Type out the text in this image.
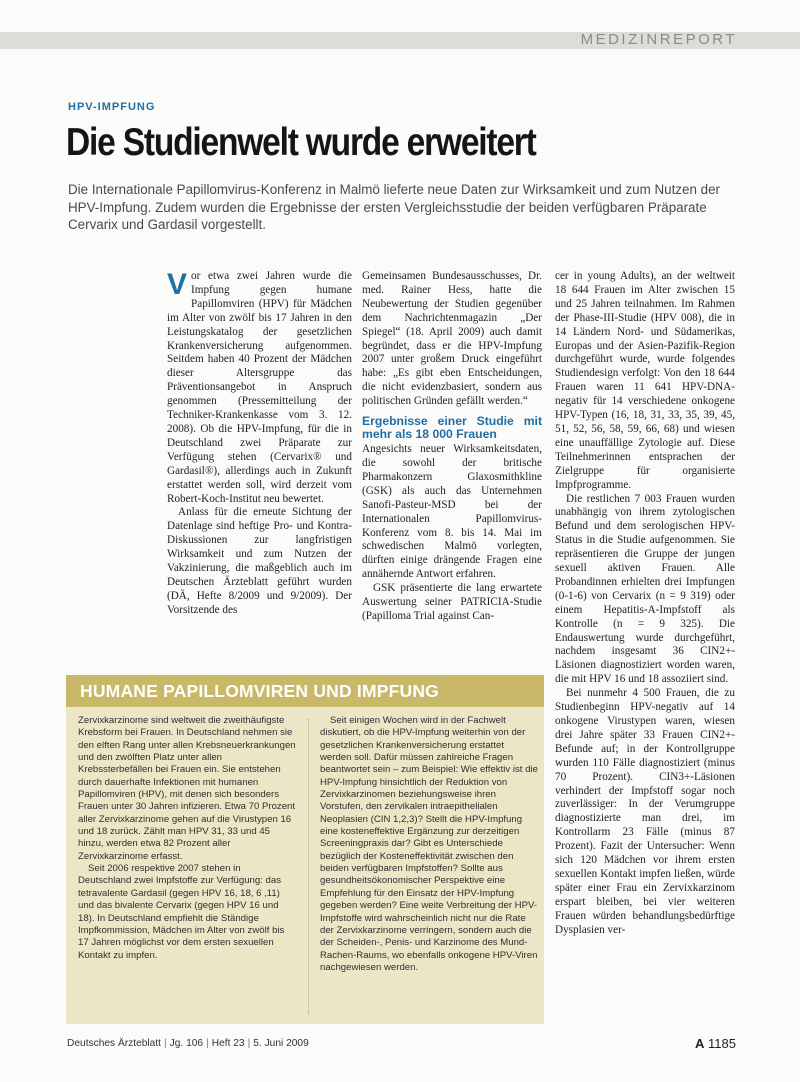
MEDIZINREPORT
HPV-IMPFUNG
Die Studienwelt wurde erweitert
Die Internationale Papillomvirus-Konferenz in Malmö lieferte neue Daten zur Wirksamkeit und zum Nutzen der HPV-Impfung. Zudem wurden die Ergebnisse der ersten Vergleichsstudie der beiden verfügbaren Präparate Cervarix und Gardasil vorgestellt.

Vor etwa zwei Jahren wurde die Impfung gegen humane Papillomviren (HPV) für Mädchen im Alter von zwölf bis 17 Jahren in den Leistungskatalog der gesetzlichen Krankenversicherung aufgenommen. Seitdem haben 40 Prozent der Mädchen dieser Altersgruppe das Präventionsangebot in Anspruch genommen (Pressemitteilung der Techniker-Krankenkasse vom 3. 12. 2008). Ob die HPV-Impfung, für die in Deutschland zwei Präparate zur Verfügung stehen (Cervarix® und Gardasil®), allerdings auch in Zukunft erstattet werden soll, wird derzeit vom Robert-Koch-Institut neu bewertet.

Anlass für die erneute Sichtung der Datenlage sind heftige Pro- und Kontra-Diskussionen zur langfristigen Wirksamkeit und zum Nutzen der Vakzinierung, die maßgeblich auch im Deutschen Ärzteblatt geführt wurden (DÄ, Hefte 8/2009 und 9/2009). Der Vorsitzende des

Gemeinsamen Bundesausschusses, Dr. med. Rainer Hess, hatte die Neubewertung der Studien gegenüber dem Nachrichtenmagazin „Der Spiegel“ (18. April 2009) auch damit begründet, dass er die HPV-Impfung 2007 unter großem Druck eingeführt habe: „Es gibt eben Entscheidungen, die nicht evidenzbasiert, sondern aus politischen Gründen gefällt werden.“

Ergebnisse einer Studie mit mehr als 18 000 Frauen

Angesichts neuer Wirksamkeitsdaten, die sowohl der britische Pharmakonzern Glaxosmithkline (GSK) als auch das Unternehmen Sanofi-Pasteur-MSD bei der Internationalen Papillomvirus-Konferenz vom 8. bis 14. Mai im schwedischen Malmö vorlegten, dürften einige drängende Fragen eine annähernde Antwort erfahren.

GSK präsentierte die lang erwartete Auswertung seiner PATRICIA-Studie (Papilloma Trial against Can-

cer in young Adults), an der weltweit 18 644 Frauen im Alter zwischen 15 und 25 Jahren teilnahmen. Im Rahmen der Phase-III-Studie (HPV 008), die in 14 Ländern Nord- und Südamerikas, Europas und der Asien-Pazifik-Region durchgeführt wurde, wurde folgendes Studiendesign verfolgt: Von den 18 644 Frauen waren 11 641 HPV-DNA-negativ für 14 verschiedene onkogene HPV-Typen (16, 18, 31, 33, 35, 39, 45, 51, 52, 56, 58, 59, 66, 68) und wiesen eine unauffällige Zytologie auf. Diese Teilnehmerinnen entsprachen der Zielgruppe für organisierte Impfprogramme.

Die restlichen 7 003 Frauen wurden unabhängig von ihrem zytologischen Befund und dem serologischen HPV-Status in die Studie aufgenommen. Sie repräsentieren die Gruppe der jungen sexuell aktiven Frauen. Alle Probandinnen erhielten drei Impfungen (0-1-6) von Cervarix (n = 9 319) oder einem Hepatitis-A-Impfstoff als Kontrolle (n = 9 325). Die Endauswertung wurde durchgeführt, nachdem insgesamt 36 CIN2+-Läsionen diagnostiziert worden waren, die mit HPV 16 und 18 assoziiert sind.

Bei nunmehr 4 500 Frauen, die zu Studienbeginn HPV-negativ auf 14 onkogene Virustypen waren, wiesen drei Jahre später 33 Frauen CIN2+-Befunde auf; in der Kontrollgruppe wurden 110 Fälle diagnostiziert (minus 70 Prozent). CIN3+-Läsionen verhindert der Impfstoff sogar noch zuverlässiger: In der Verumgruppe diagnostizierte man drei, im Kontrollarm 23 Fälle (minus 87 Prozent). Fazit der Untersucher: Wenn sich 120 Mädchen vor ihrem ersten sexuellen Kontakt impfen ließen, würde später einer Frau ein Zervixkarzinom erspart bleiben, bei vier weiteren Frauen würden behandlungsbedürftige Dysplasien ver-

HUMANE PAPILLOMVIREN UND IMPFUNG

Zervixkarzinome sind weltweit die zweithäufigste Krebsform bei Frauen. In Deutschland nehmen sie den elften Rang unter allen Krebsneuerkrankungen und den zwölften Platz unter allen Krebssterbefällen bei Frauen ein. Sie entstehen durch dauerhafte Infektionen mit humanen Papillomviren (HPV), mit denen sich besonders Frauen unter 30 Jahren infizieren. Etwa 70 Prozent aller Zervixkarzinome gehen auf die Virustypen 16 und 18 zurück. Zählt man HPV 31, 33 und 45 hinzu, werden etwa 82 Prozent aller Zervixkarzinome erfasst.

Seit 2006 respektive 2007 stehen in Deutschland zwei Impfstoffe zur Verfügung: das tetravalente Gardasil (gegen HPV 16, 18, 6 ,11) und das bivalente Cervarix (gegen HPV 16 und 18). In Deutschland empfiehlt die Ständige Impfkommission, Mädchen im Alter von zwölf bis 17 Jahren möglichst vor dem ersten sexuellen Kontakt zu impfen.

Seit einigen Wochen wird in der Fachwelt diskutiert, ob die HPV-Impfung weiterhin von der gesetzlichen Krankenversicherung erstattet werden soll. Dafür müssen zahlreiche Fragen beantwortet sein – zum Beispiel: Wie effektiv ist die HPV-Impfung hinsichtlich der Reduktion von Zervixkarzinomen beziehungsweise ihren Vorstufen, den zervikalen intraepithelialen Neoplasien (CIN 1,2,3)? Stellt die HPV-Impfung eine kosteneffektive Ergänzung zur derzeitigen Screeningpraxis dar? Gibt es Unterschiede bezüglich der Kosteneffektivität zwischen den beiden verfügbaren Impfstoffen? Sollte aus gesundheitsökonomischer Perspektive eine Empfehlung für den Einsatz der HPV-Impfung gegeben werden? Eine weite Verbreitung der HPV-Impfstoffe wird wahrscheinlich nicht nur die Rate der Zervixkarzinome verringern, sondern auch die der Scheiden-, Penis- und Karzinome des Mund-Rachen-Raums, wo ebenfalls onkogene HPV-Viren nachgewiesen werden.

Deutsches Ärzteblatt | Jg. 106 | Heft 23 | 5. Juni 2009	A 1185
